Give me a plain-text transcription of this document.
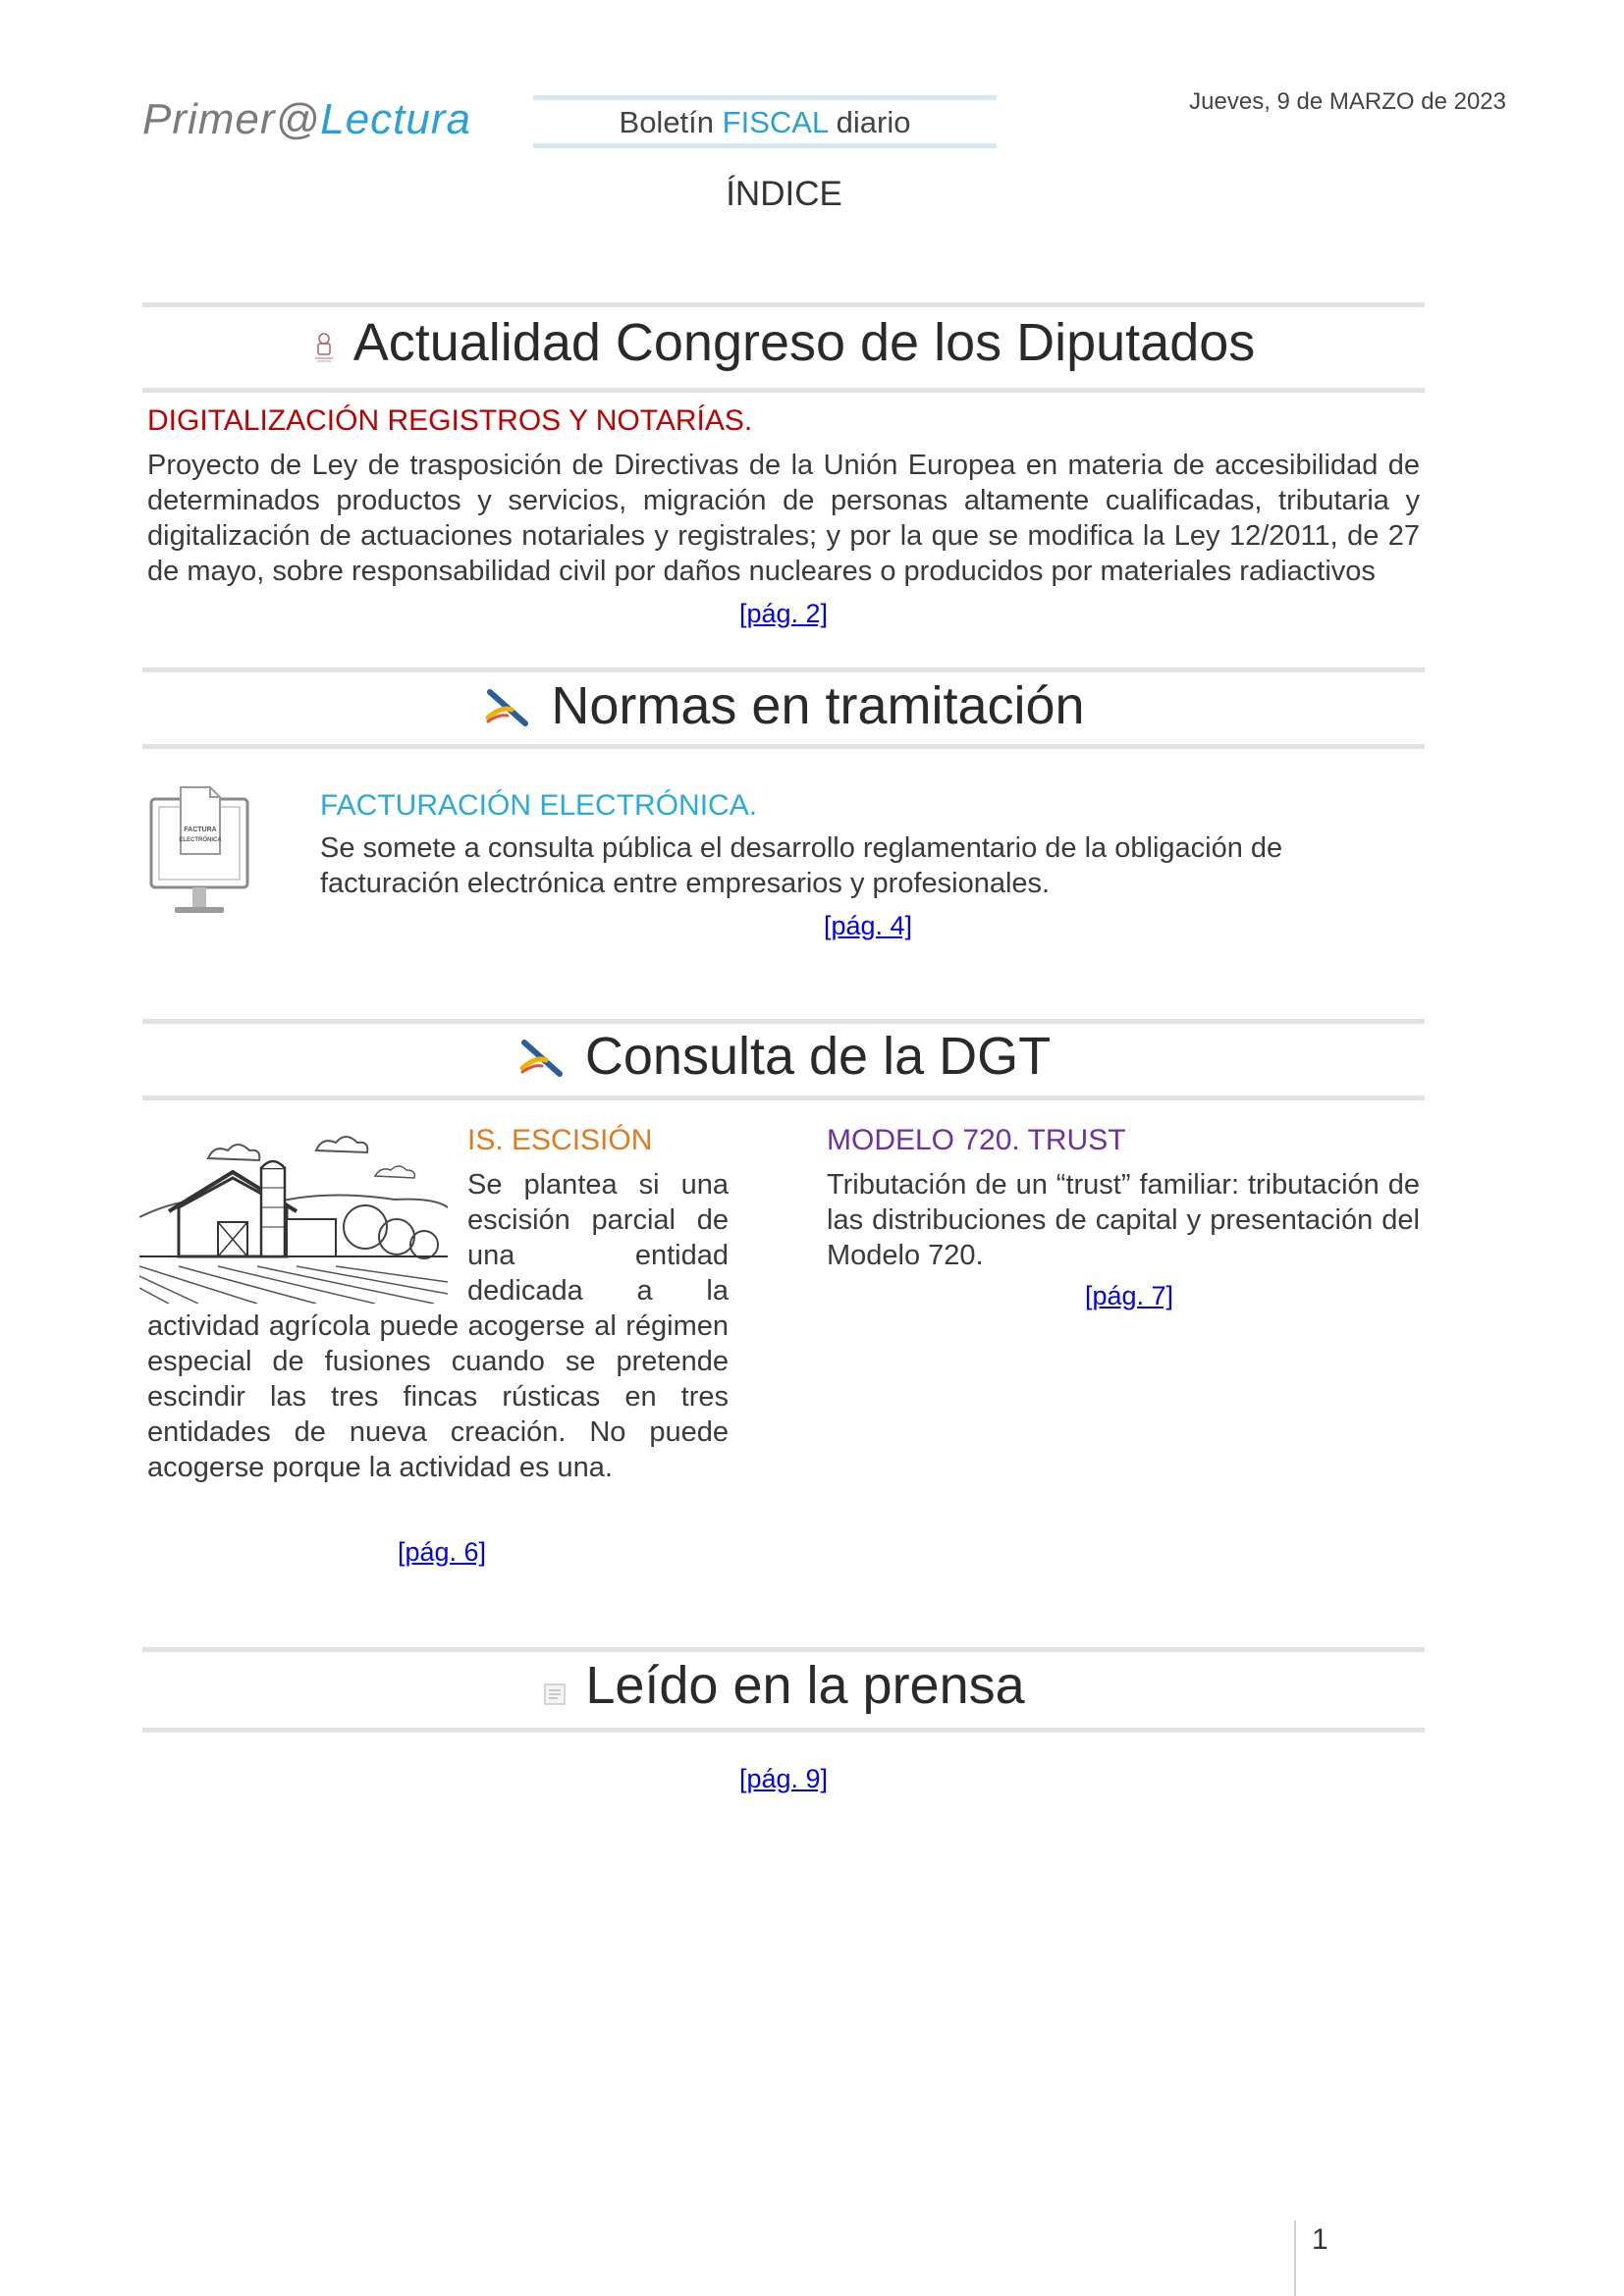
Primer@Lectura	Boletín FISCAL diario
Jueves, 9 de MARZO de 2023
ÍNDICE
Actualidad Congreso de los Diputados
DIGITALIZACIÓN REGISTROS Y NOTARÍAS.
Proyecto de Ley de trasposición de Directivas de la Unión Europea en materia de accesibilidad de determinados productos y servicios, migración de personas altamente cualificadas, tributaria y digitalización de actuaciones notariales y registrales; y por la que se modifica la Ley 12/2011, de 27 de mayo, sobre responsabilidad civil por daños nucleares o producidos por materiales radiactivos
[pág. 2]
Normas en tramitación
FACTURA
ELECTRÓNICA
FACTURACIÓN ELECTRÓNICA.
Se somete a consulta pública el desarrollo reglamentario de la obligación de facturación electrónica entre empresarios y profesionales.
[pág. 4]
Consulta de la DGT
IS. ESCISIÓN
Se plantea si una
escisión parcial de
una entidad
dedicada a la
actividad agrícola puede acogerse al régimen especial de fusiones cuando se pretende escindir las tres fincas rústicas en tres entidades de nueva creación. No puede acogerse porque la actividad es una.
[pág. 6]
MODELO 720. TRUST
Tributación de un “trust” familiar: tributación de las distribuciones de capital y presentación del Modelo 720.
[pág. 7]
Leído en la prensa
[pág. 9]
1
